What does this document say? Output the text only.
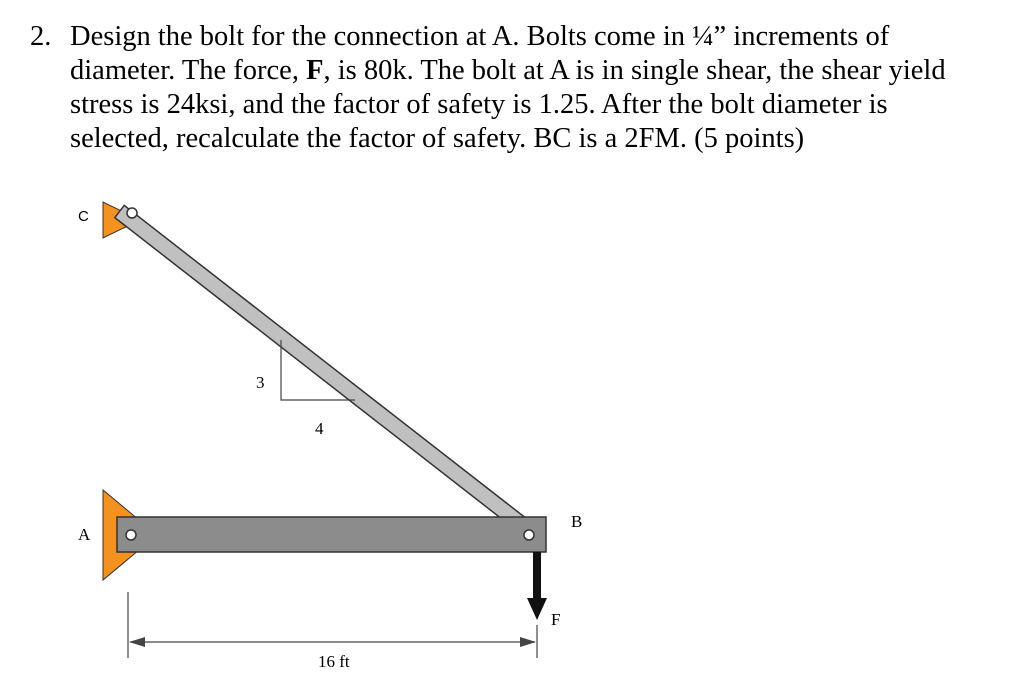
2. Design the bolt for the connection at A. Bolts come in ¼” increments of
diameter. The force, F, is 80k. The bolt at A is in single shear, the shear yield
stress is 24ksi, and the factor of safety is 1.25. After the bolt diameter is
selected, recalculate the factor of safety. BC is a 2FM. (5 points)
3
4
C
A
B
F
16 ft
